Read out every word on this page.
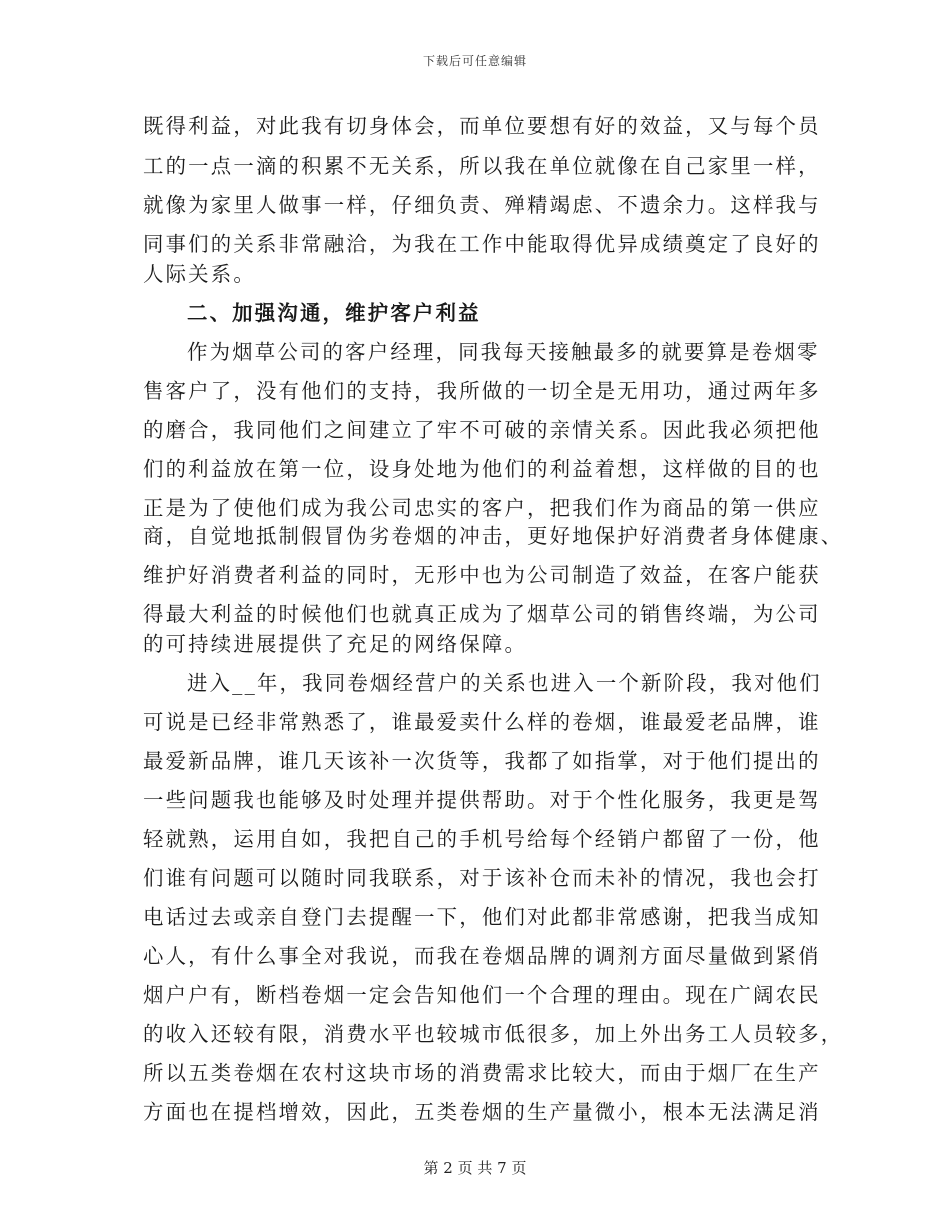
下载后可任意编辑
既得利益，对此我有切身体会，而单位要想有好的效益，又与每个员
工的一点一滴的积累不无关系，所以我在单位就像在自己家里一样，
就像为家里人做事一样，仔细负责、殚精竭虑、不遗余力。这样我与
同事们的关系非常融洽，为我在工作中能取得优异成绩奠定了良好的
人际关系。
二、加强沟通，维护客户利益
作为烟草公司的客户经理，同我每天接触最多的就要算是卷烟零
售客户了，没有他们的支持，我所做的一切全是无用功，通过两年多
的磨合，我同他们之间建立了牢不可破的亲情关系。因此我必须把他
们的利益放在第一位，设身处地为他们的利益着想，这样做的目的也
正是为了使他们成为我公司忠实的客户，把我们作为商品的第一供应
商，自觉地抵制假冒伪劣卷烟的冲击，更好地保护好消费者身体健康、
维护好消费者利益的同时，无形中也为公司制造了效益，在客户能获
得最大利益的时候他们也就真正成为了烟草公司的销售终端，为公司
的可持续进展提供了充足的网络保障。
进入__年，我同卷烟经营户的关系也进入一个新阶段，我对他们
可说是已经非常熟悉了，谁最爱卖什么样的卷烟，谁最爱老品牌，谁
最爱新品牌，谁几天该补一次货等，我都了如指掌，对于他们提出的
一些问题我也能够及时处理并提供帮助。对于个性化服务，我更是驾
轻就熟，运用自如，我把自己的手机号给每个经销户都留了一份，他
们谁有问题可以随时同我联系，对于该补仓而未补的情况，我也会打
电话过去或亲自登门去提醒一下，他们对此都非常感谢，把我当成知
心人，有什么事全对我说，而我在卷烟品牌的调剂方面尽量做到紧俏
烟户户有，断档卷烟一定会告知他们一个合理的理由。现在广阔农民
的收入还较有限，消费水平也较城市低很多，加上外出务工人员较多，
所以五类卷烟在农村这块市场的消费需求比较大，而由于烟厂在生产
方面也在提档增效，因此，五类卷烟的生产量微小，根本无法满足消
第 2 页 共 7 页
